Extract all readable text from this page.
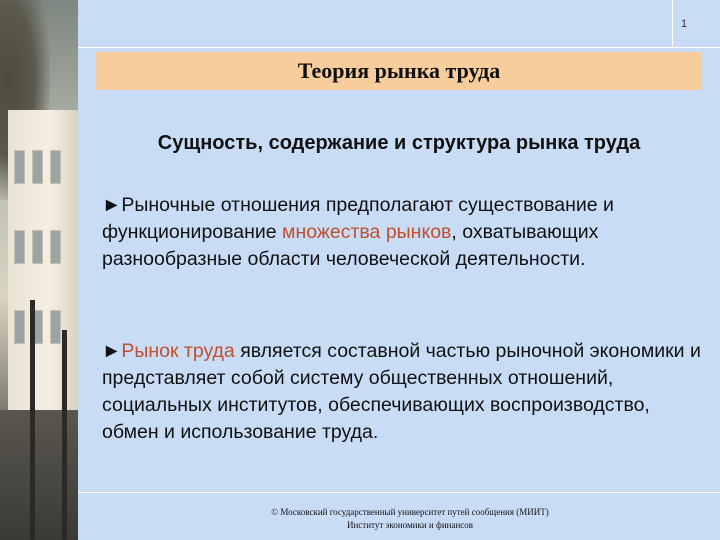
1
Теория рынка труда
Сущность, содержание и структура рынка труда
►Рыночные отношения предполагают существование и функционирование множества рынков, охватывающих разнообразные области человеческой деятельности.
►Рынок труда является составной частью рыночной экономики и представляет собой систему общественных отношений, социальных институтов, обеспечивающих воспроизводство, обмен и использование труда.
© Московский государственный университет путей сообщения (МИИТ)
Институт экономики и финансов
